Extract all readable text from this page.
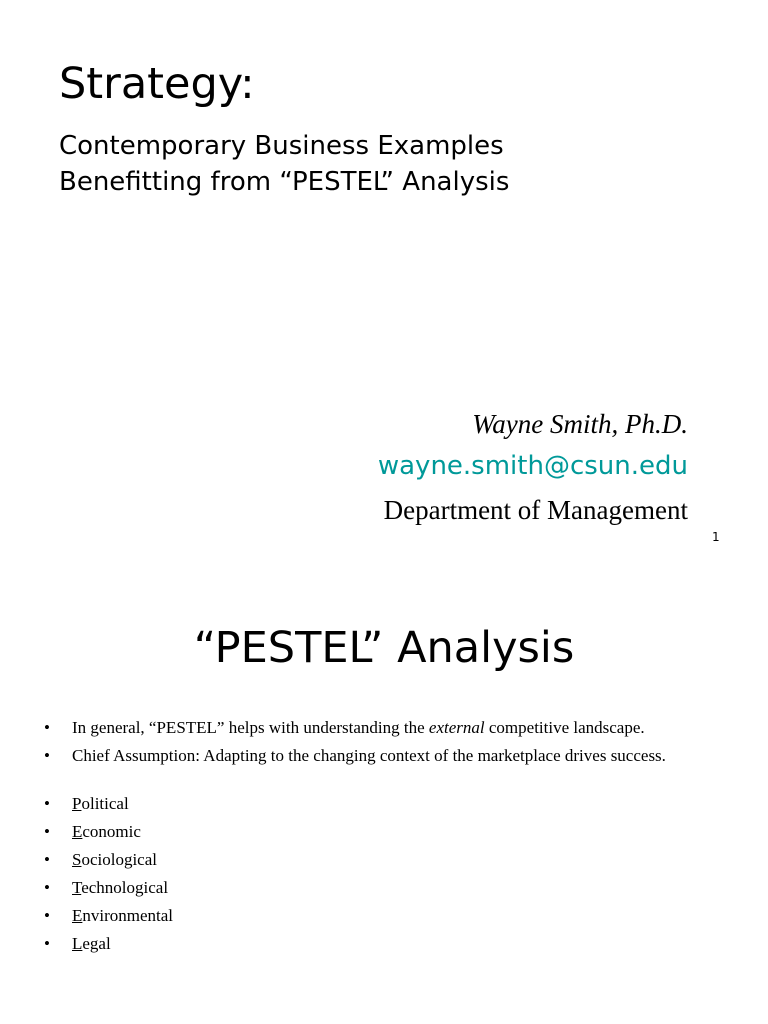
Strategy:
Contemporary Business Examples
Benefitting from “PESTEL” Analysis
Wayne Smith, Ph.D.
wayne.smith@csun.edu
Department of Management
1
“PESTEL” Analysis
• In general, “PESTEL” helps with understanding the external competitive landscape.
• Chief Assumption: Adapting to the changing context of the marketplace drives success.
• Political
• Economic
• Sociological
• Technological
• Environmental
• Legal
